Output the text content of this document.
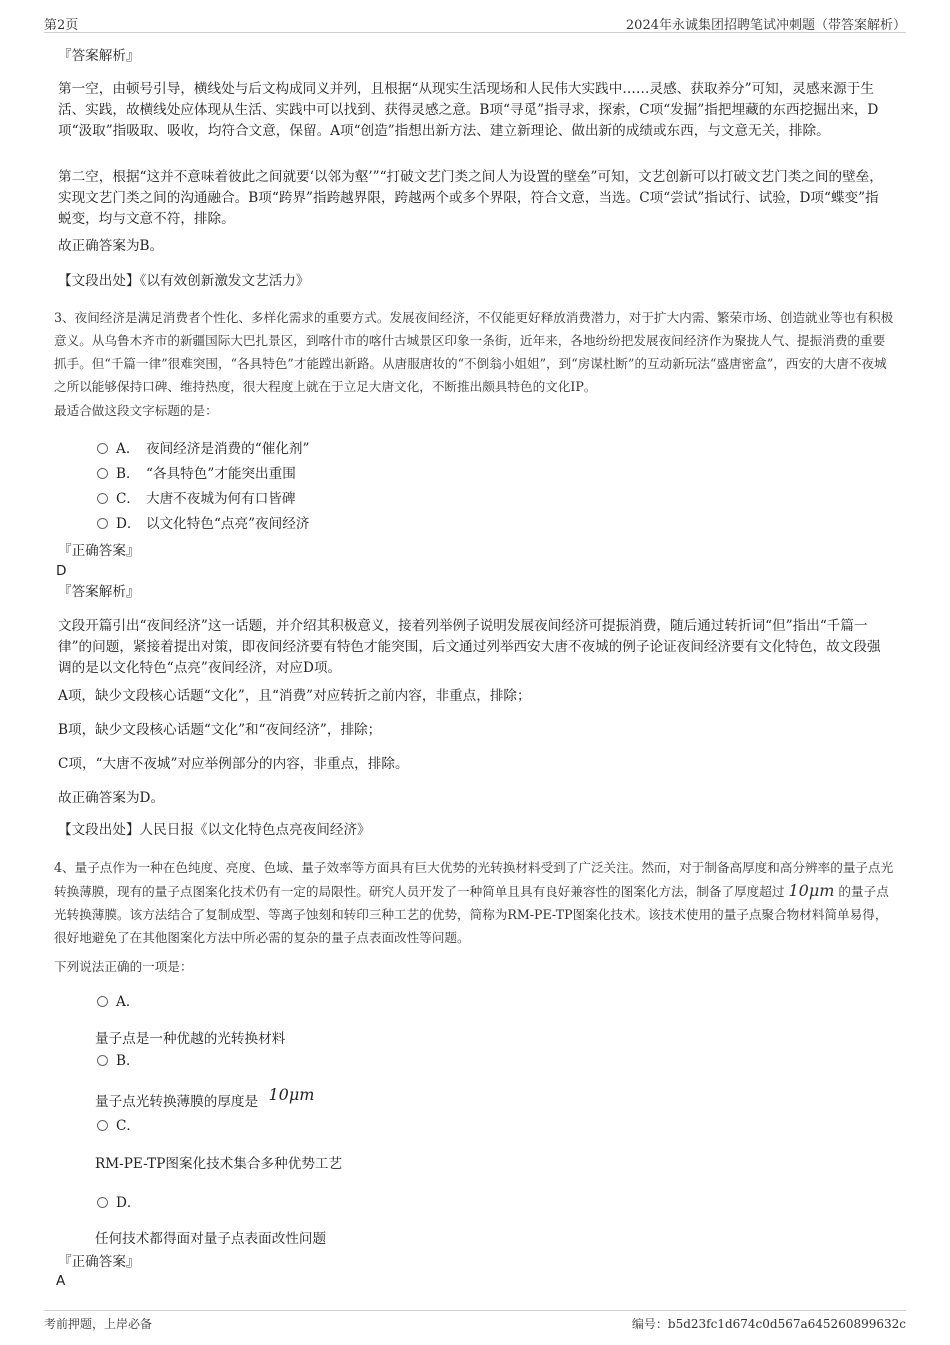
第2页	2024年永诚集团招聘笔试冲刺题（带答案解析）
『答案解析』
第一空，由顿号引导，横线处与后文构成同义并列，且根据“从现实生活现场和人民伟大实践中……灵感、获取养分”可知，灵感来源于生活、实践，故横线处应体现从生活、实践中可以找到、获得灵感之意。B项“寻觅”指寻求，探索，C项“发掘”指把埋藏的东西挖掘出来，D项“汲取”指吸取、吸收，均符合文意，保留。A项“创造”指想出新方法、建立新理论、做出新的成绩或东西，与文意无关，排除。
第二空，根据“这并不意味着彼此之间就要‘以邻为壑’”“打破文艺门类之间人为设置的壁垒”可知，文艺创新可以打破文艺门类之间的壁垒，实现文艺门类之间的沟通融合。B项“跨界”指跨越界限，跨越两个或多个界限，符合文意，当选。C项“尝试”指试行、试验，D项“蝶变”指蜕变，均与文意不符，排除。
故正确答案为B。
【文段出处】《以有效创新激发文艺活力》
3、夜间经济是满足消费者个性化、多样化需求的重要方式。发展夜间经济，不仅能更好释放消费潜力，对于扩大内需、繁荣市场、创造就业等也有积极意义。从乌鲁木齐市的新疆国际大巴扎景区，到喀什市的喀什古城景区印象一条街，近年来，各地纷纷把发展夜间经济作为聚拢人气、提振消费的重要抓手。但“千篇一律”很难突围，“各具特色”才能蹚出新路。从唐服唐妆的“不倒翁小姐姐”，到“房谋杜断”的互动新玩法“盛唐密盒”，西安的大唐不夜城之所以能够保持口碑、维持热度，很大程度上就在于立足大唐文化，不断推出颇具特色的文化IP。
最适合做这段文字标题的是：
A． 夜间经济是消费的“催化剂”
B． “各具特色”才能突出重围
C． 大唐不夜城为何有口皆碑
D． 以文化特色“点亮”夜间经济
『正确答案』
D
『答案解析』
文段开篇引出“夜间经济”这一话题，并介绍其积极意义，接着列举例子说明发展夜间经济可提振消费，随后通过转折词“但”指出“千篇一律”的问题，紧接着提出对策，即夜间经济要有特色才能突围，后文通过列举西安大唐不夜城的例子论证夜间经济要有文化特色，故文段强调的是以文化特色“点亮”夜间经济，对应D项。
A项，缺少文段核心话题“文化”，且“消费”对应转折之前内容，非重点，排除；
B项，缺少文段核心话题“文化”和“夜间经济”，排除；
C项，“大唐不夜城”对应举例部分的内容，非重点，排除。
故正确答案为D。
【文段出处】人民日报《以文化特色点亮夜间经济》
4、量子点作为一种在色纯度、亮度、色域、量子效率等方面具有巨大优势的光转换材料受到了广泛关注。然而，对于制备高厚度和高分辨率的量子点光转换薄膜，现有的量子点图案化技术仍有一定的局限性。研究人员开发了一种简单且具有良好兼容性的图案化方法，制备了厚度超过 10μm 的量子点光转换薄膜。该方法结合了复制成型、等离子蚀刻和转印三种工艺的优势，简称为RM-PE-TP图案化技术。该技术使用的量子点聚合物材料简单易得，很好地避免了在其他图案化方法中所必需的复杂的量子点表面改性等问题。
下列说法正确的一项是：
A．
量子点是一种优越的光转换材料
B．
量子点光转换薄膜的厚度是 10μm
C．
RM-PE-TP图案化技术集合多种优势工艺
D．
任何技术都得面对量子点表面改性问题
『正确答案』
A
考前押题，上岸必备	编号：b5d23fc1d674c0d567a645260899632c
